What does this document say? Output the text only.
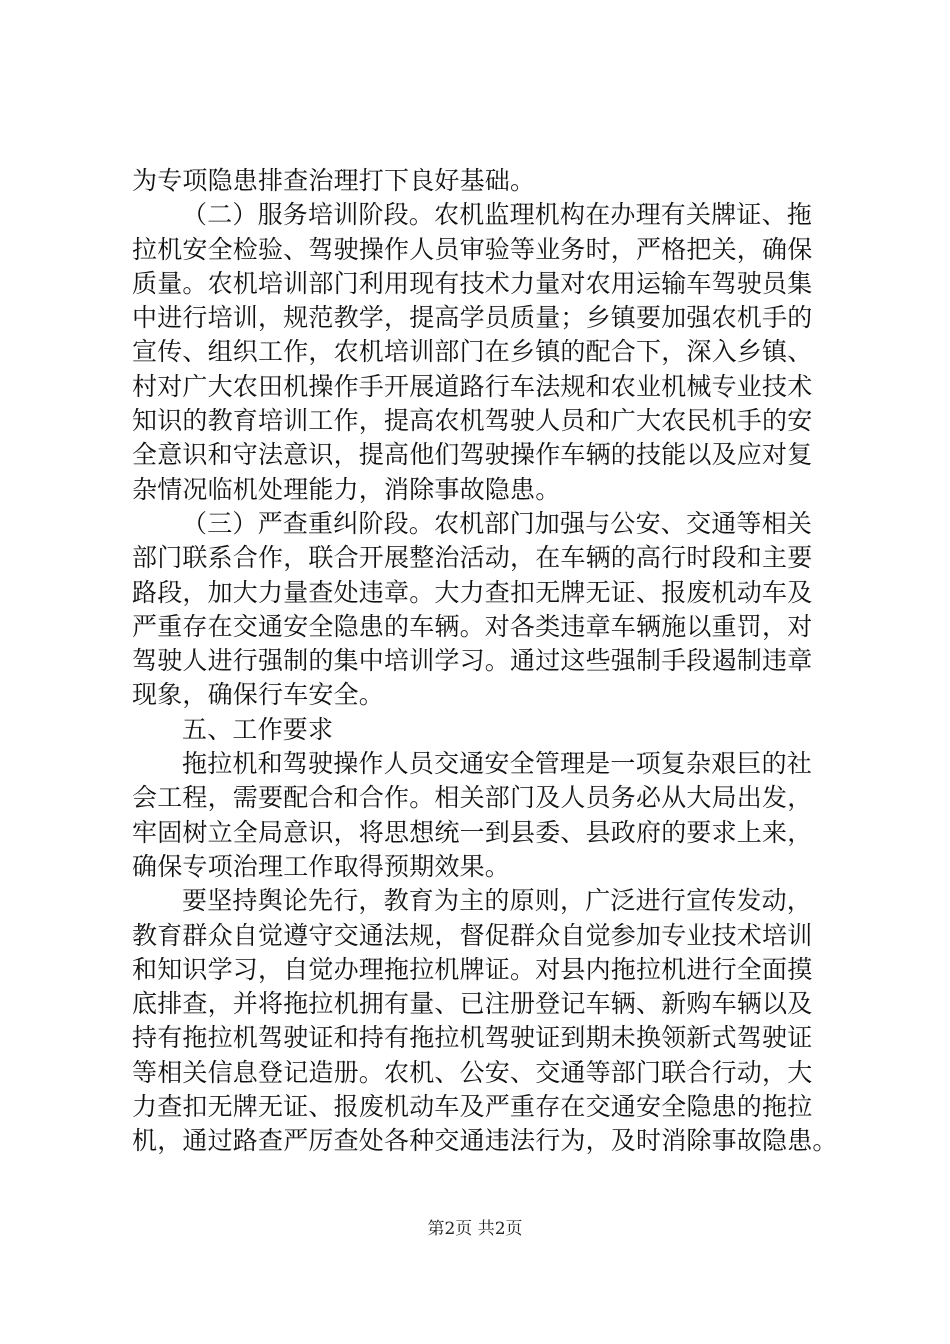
为专项隐患排查治理打下良好基础。
（二）服务培训阶段。农机监理机构在办理有关牌证、拖
拉机安全检验、驾驶操作人员审验等业务时，严格把关，确保
质量。农机培训部门利用现有技术力量对农用运输车驾驶员集
中进行培训，规范教学，提高学员质量；乡镇要加强农机手的
宣传、组织工作，农机培训部门在乡镇的配合下，深入乡镇、
村对广大农田机操作手开展道路行车法规和农业机械专业技术
知识的教育培训工作，提高农机驾驶人员和广大农民机手的安
全意识和守法意识，提高他们驾驶操作车辆的技能以及应对复
杂情况临机处理能力，消除事故隐患。
（三）严查重纠阶段。农机部门加强与公安、交通等相关
部门联系合作，联合开展整治活动，在车辆的高行时段和主要
路段，加大力量查处违章。大力查扣无牌无证、报废机动车及
严重存在交通安全隐患的车辆。对各类违章车辆施以重罚，对
驾驶人进行强制的集中培训学习。通过这些强制手段遏制违章
现象，确保行车安全。
五、工作要求
拖拉机和驾驶操作人员交通安全管理是一项复杂艰巨的社
会工程，需要配合和合作。相关部门及人员务必从大局出发，
牢固树立全局意识，将思想统一到县委、县政府的要求上来，
确保专项治理工作取得预期效果。
要坚持舆论先行，教育为主的原则，广泛进行宣传发动，
教育群众自觉遵守交通法规，督促群众自觉参加专业技术培训
和知识学习，自觉办理拖拉机牌证。对县内拖拉机进行全面摸
底排查，并将拖拉机拥有量、已注册登记车辆、新购车辆以及
持有拖拉机驾驶证和持有拖拉机驾驶证到期未换领新式驾驶证
等相关信息登记造册。农机、公安、交通等部门联合行动，大
力查扣无牌无证、报废机动车及严重存在交通安全隐患的拖拉
机，通过路查严厉查处各种交通违法行为，及时消除事故隐患。
第2页 共2页
